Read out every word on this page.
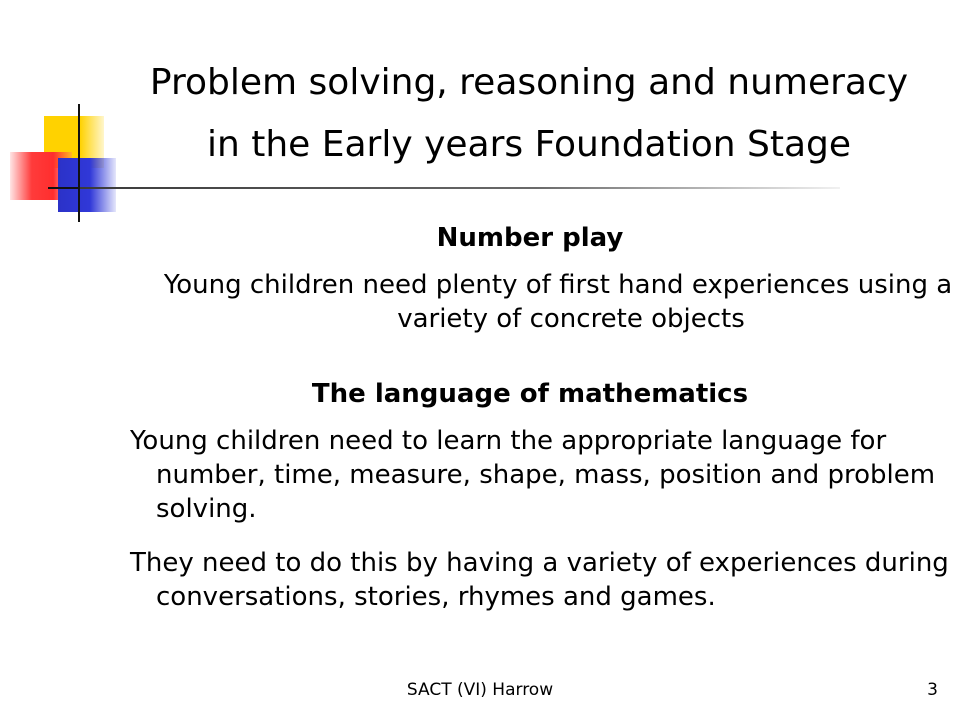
Problem solving, reasoning and numeracy
in the Early years Foundation Stage
Number play

Young children need plenty of first hand experiences using a variety of concrete objects

The language of mathematics

Young children need to learn the appropriate language for number, time, measure, shape, mass, position and problem solving.

They need to do this by having a variety of experiences during conversations, stories, rhymes and games.

SACT (VI) Harrow	3
